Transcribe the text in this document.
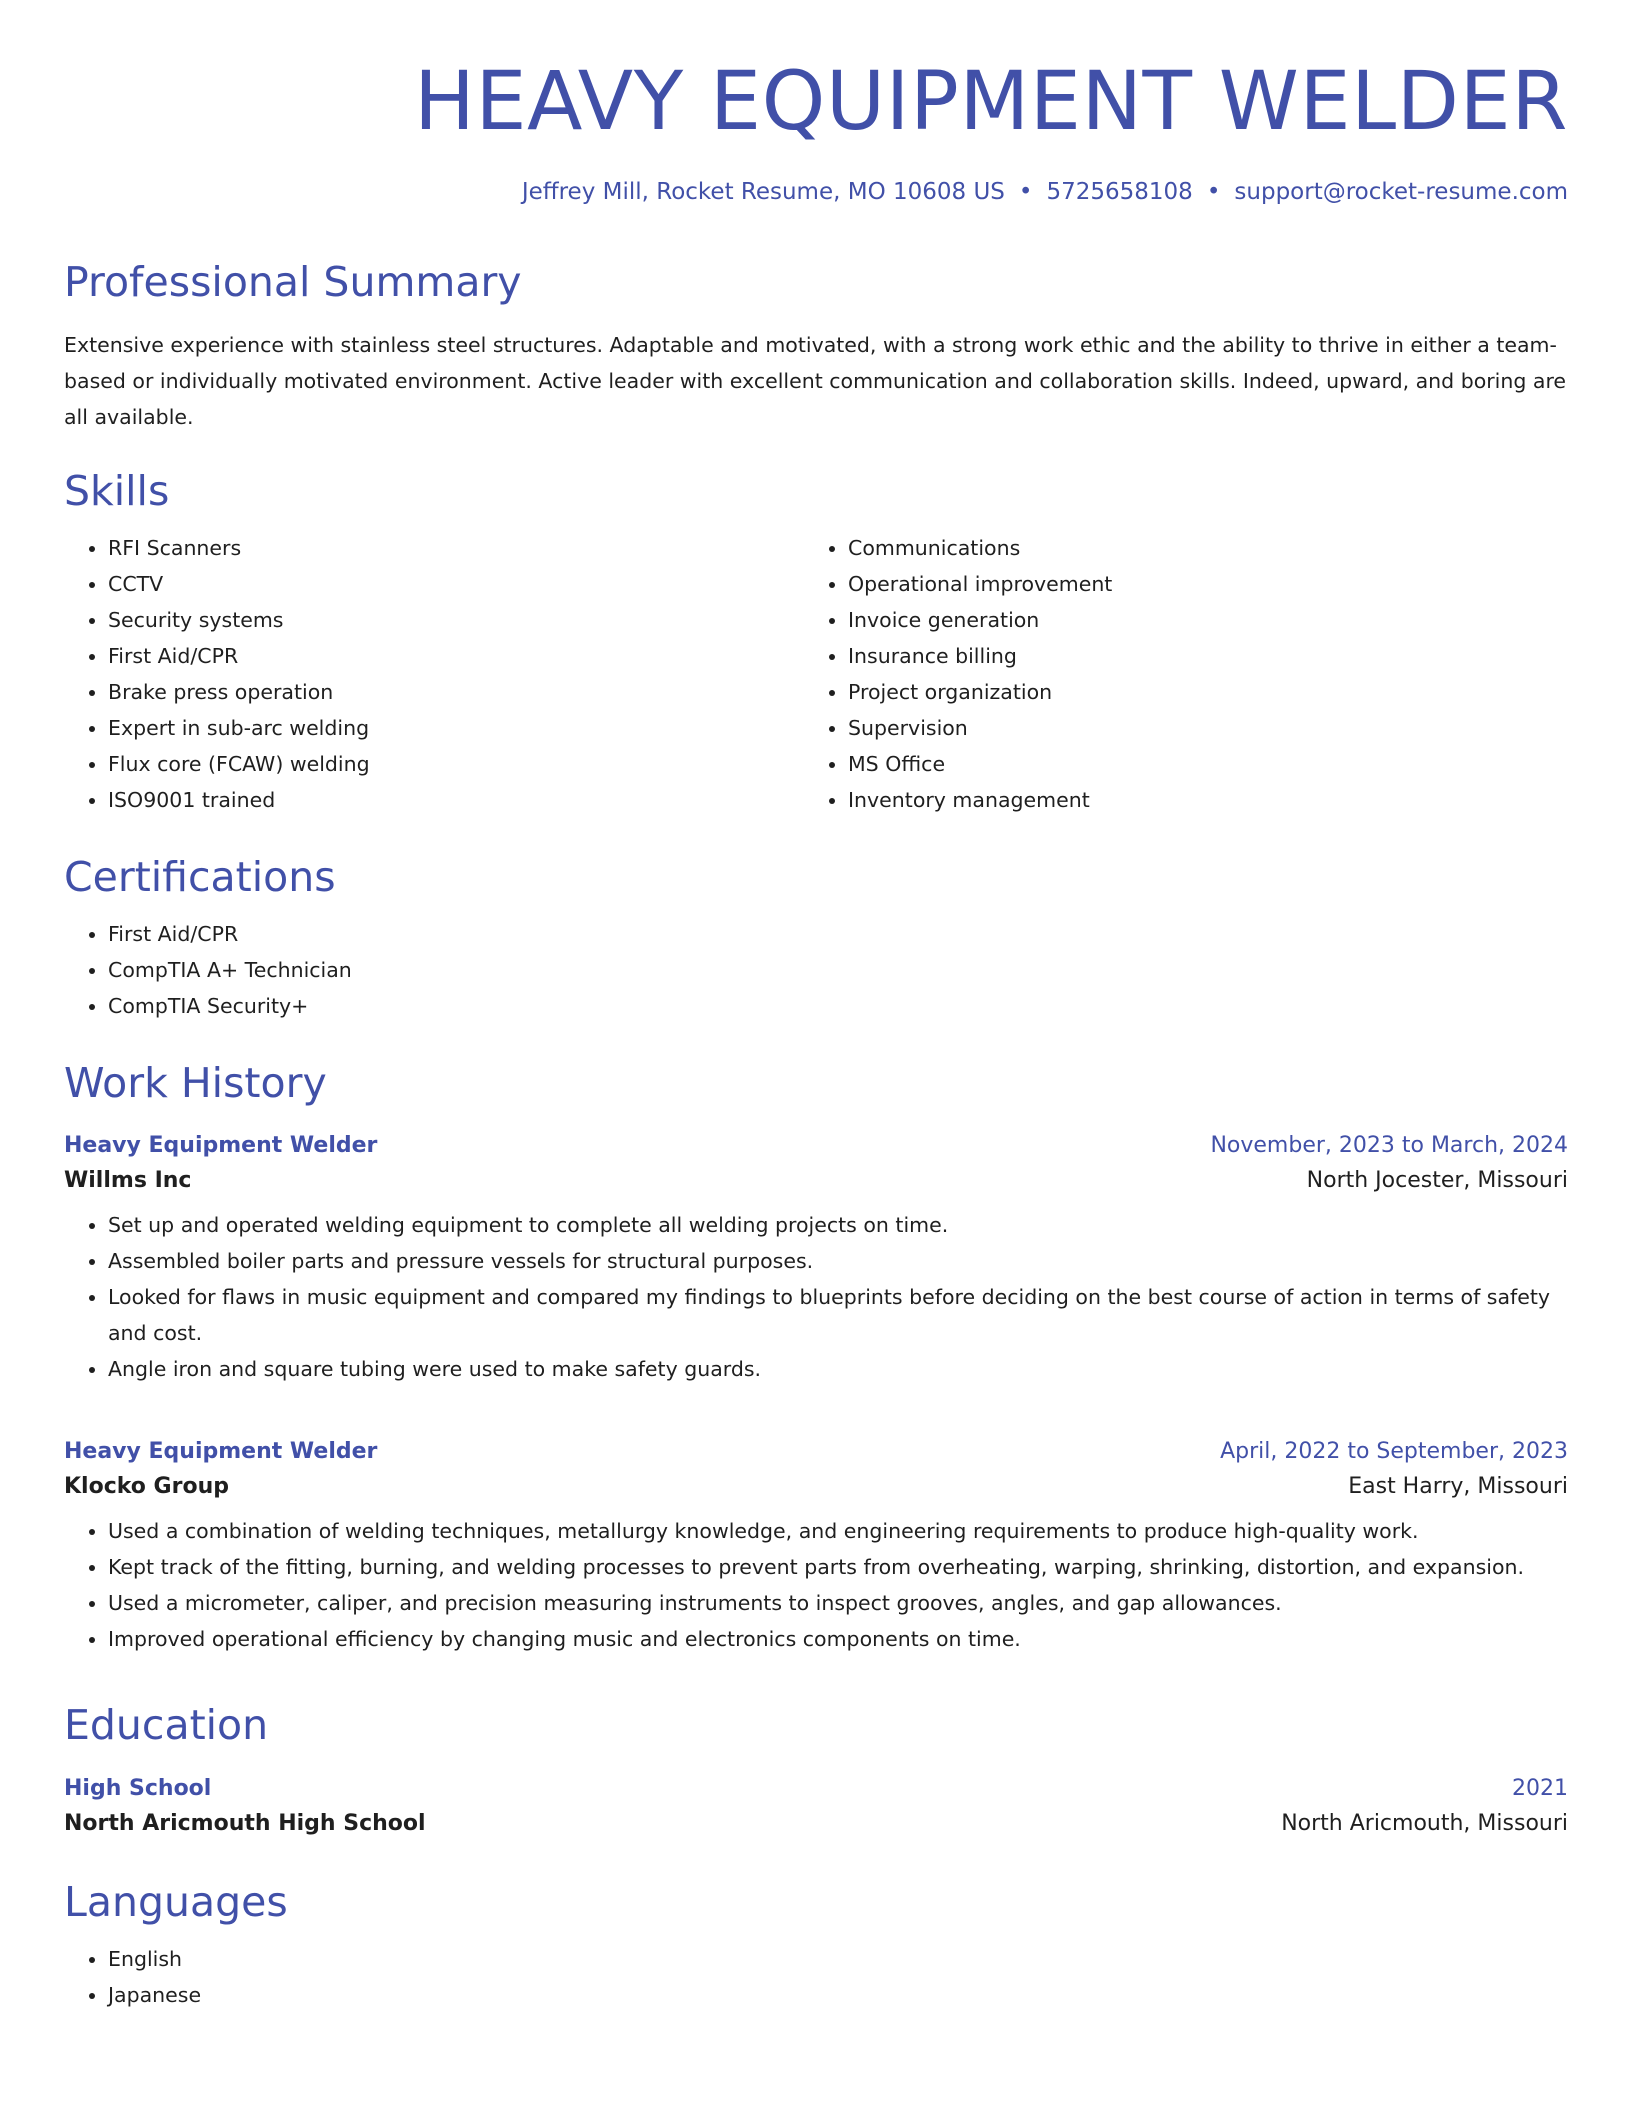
HEAVY EQUIPMENT WELDER
Jeffrey Mill, Rocket Resume, MO 10608 US • 5725658108 • support@rocket-resume.com
Professional Summary

Extensive experience with stainless steel structures. Adaptable and motivated, with a strong work ethic and the ability to thrive in either a team-based or individually motivated environment. Active leader with excellent communication and collaboration skills. Indeed, upward, and boring are all available.

Skills
• RFI Scanners
• CCTV
• Security systems
• First Aid/CPR
• Brake press operation
• Expert in sub-arc welding
• Flux core (FCAW) welding
• ISO9001 trained
• Communications
• Operational improvement
• Invoice generation
• Insurance billing
• Project organization
• Supervision
• MS Office
• Inventory management
Certifications
• First Aid/CPR
• CompTIA A+ Technician
• CompTIA Security+
Work History
Heavy Equipment Welder	November, 2023 to March, 2024
Willms Inc	North Jocester, Missouri
• Set up and operated welding equipment to complete all welding projects on time.
• Assembled boiler parts and pressure vessels for structural purposes.
• Looked for flaws in music equipment and compared my findings to blueprints before deciding on the best course of action in terms of safety and cost.
• Angle iron and square tubing were used to make safety guards.
Heavy Equipment Welder	April, 2022 to September, 2023
Klocko Group	East Harry, Missouri
• Used a combination of welding techniques, metallurgy knowledge, and engineering requirements to produce high-quality work.
• Kept track of the fitting, burning, and welding processes to prevent parts from overheating, warping, shrinking, distortion, and expansion.
• Used a micrometer, caliper, and precision measuring instruments to inspect grooves, angles, and gap allowances.
• Improved operational efficiency by changing music and electronics components on time.
Education
High School	2021
North Aricmouth High School	North Aricmouth, Missouri
Languages
• English
• Japanese
